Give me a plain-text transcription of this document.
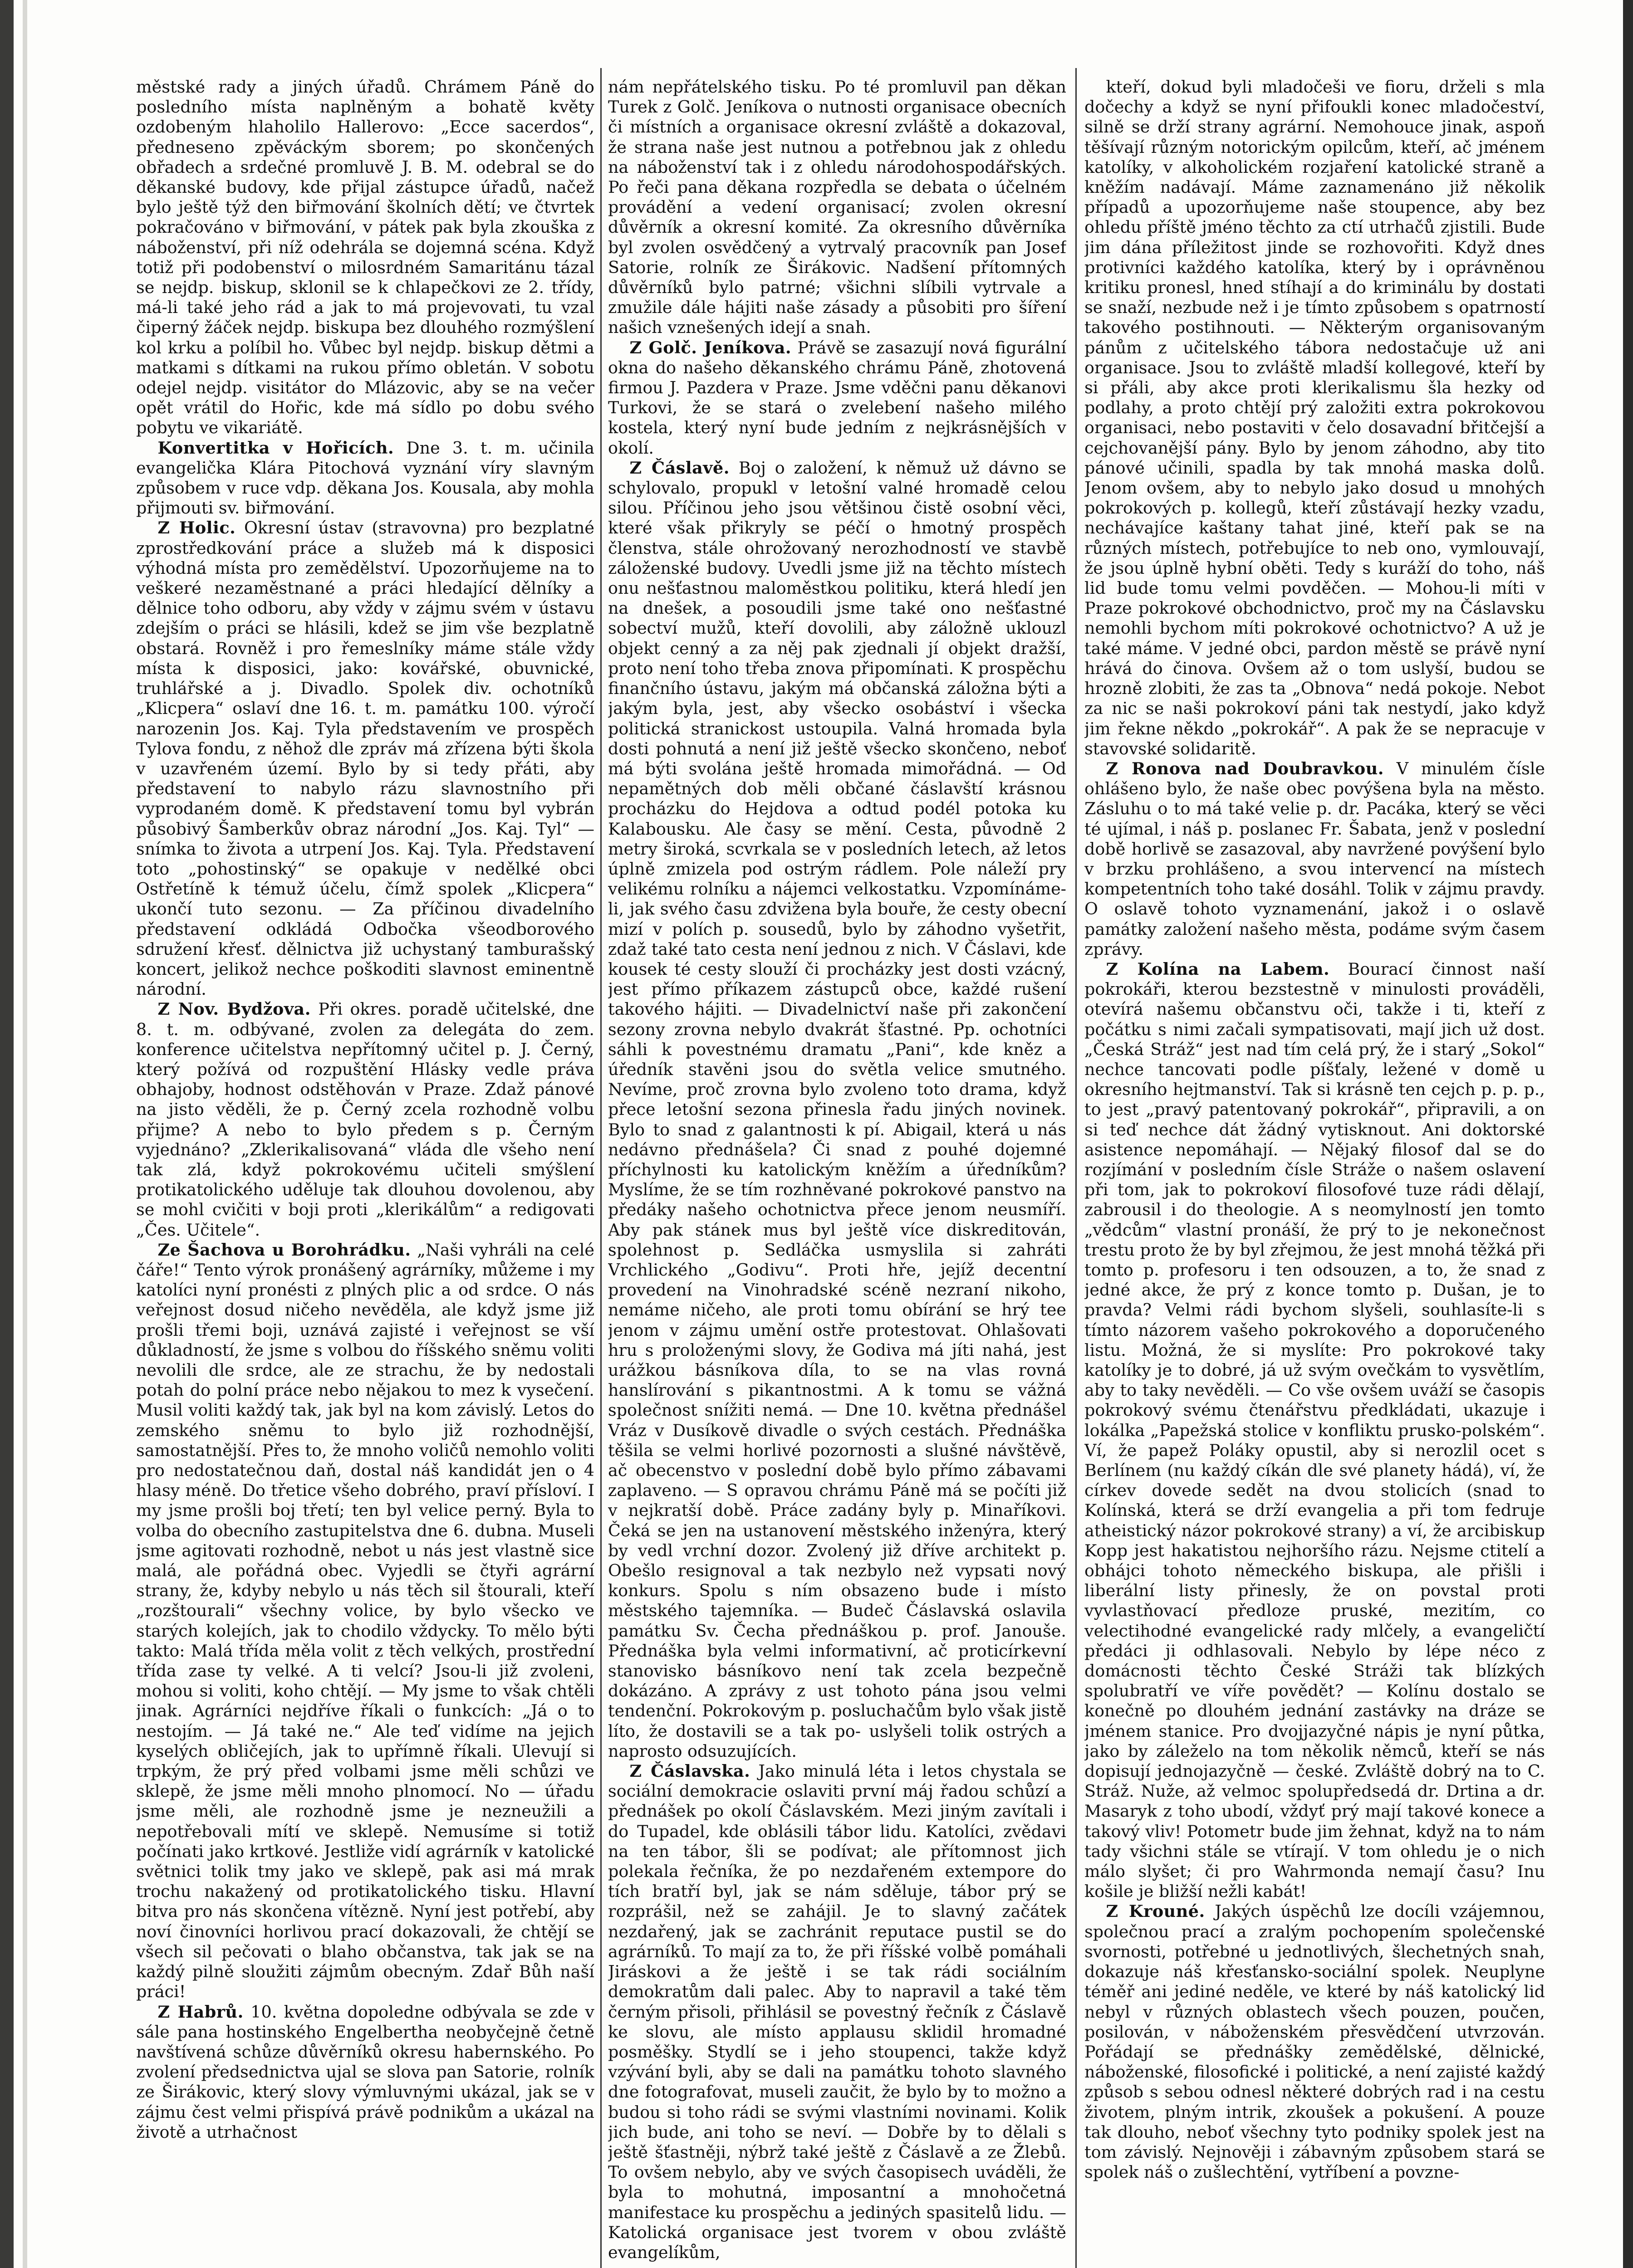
městské rady a jiných úřadů. Chrámem Páně do posledního místa naplněným a bohatě květy ozdobeným hlaholilo Hallerovo: „Ecce sacerdos“, předneseno zpěváckým sborem; po skončených obřadech a srdečné promluvě J. B. M. odebral se do děkanské budovy, kde přijal zástupce úřadů, načež bylo ještě týž den biřmování školních dětí; ve čtvrtek pokračováno v biřmování, v pátek pak byla zkouška z náboženství, při níž odehrála se dojemná scéna. Když totiž při podobenství o milosrdném Samaritánu tázal se nejdp. biskup, sklonil se k chlapečkovi ze 2. třídy, má-li také jeho rád a jak to má projevovati, tu vzal čiperný žáček nejdp. biskupa bez dlouhého rozmýšlení kol krku a políbil ho. Vůbec byl nejdp. biskup dětmi a matkami s dítkami na rukou přímo obletán. V sobotu odejel nejdp. visitátor do Mlázovic, aby se na večer opět vrátil do Hořic, kde má sídlo po dobu svého pobytu ve vikariátě.

Konvertitka v Hořicích. Dne 3. t. m. učinila evangelička Klára Pitochová vyznání víry slavným způsobem v ruce vdp. děkana Jos. Kousala, aby mohla přijmouti sv. biřmování.

Z Holic. Okresní ústav (stravovna) pro bezplatné zprostředkování práce a služeb má k disposici výhodná místa pro zemědělství. Upozorňujeme na to veškeré nezaměstnané a práci hledající dělníky a dělnice toho odboru, aby vždy v zájmu svém v ústavu zdejším o práci se hlásili, kdež se jim vše bezplatně obstará. Rovněž i pro řemeslníky máme stále vždy místa k disposici, jako: kovářské, obuvnické, truhlářské a j. Divadlo. Spolek div. ochotníků „Klicpera“ oslaví dne 16. t. m. památku 100. výročí narozenin Jos. Kaj. Tyla představením ve prospěch Tylova fondu, z něhož dle zpráv má zřízena býti škola v uzavřeném území. Bylo by si tedy přáti, aby představení to nabylo rázu slavnostního při vyprodaném domě. K představení tomu byl vybrán působivý Šamberkův obraz národní „Jos. Kaj. Tyl“ — snímka to života a utrpení Jos. Kaj. Tyla. Představení toto „pohostinský“ se opakuje v nedělké obci Ostřetíně k témuž účelu, čímž spolek „Klicpera“ ukončí tuto sezonu. — Za příčinou divadelního představení odkládá Odbočka všeodborového sdružení křesť. dělnictva již uchystaný tamburašský koncert, jelikož nechce poškoditi slavnost eminentně národní.

Z Nov. Bydžova. Při okres. poradě učitelské, dne 8. t. m. odbývané, zvolen za delegáta do zem. konference učitelstva nepřítomný učitel p. J. Černý, který požívá od rozpuštění Hlásky vedle práva obhajoby, hodnost odstěhován v Praze. Zdaž pánové na jisto věděli, že p. Černý zcela rozhodně volbu přijme? A nebo to bylo předem s p. Černým vyjednáno? „Zklerikalisovaná“ vláda dle všeho není tak zlá, když pokrokovému učiteli smýšlení protikatolického uděluje tak dlouhou dovolenou, aby se mohl cvičiti v boji proti „klerikálům“ a redigovati „Čes. Učitele“.

Ze Šachova u Borohrádku. „Naši vyhráli na celé čáře!“ Tento výrok pronášený agrárníky, můžeme i my katolíci nyní pronésti z plných plic a od srdce. O nás veřejnost dosud ničeho nevěděla, ale když jsme již prošli třemi boji, uznává zajisté i veřejnost se vší důkladností, že jsme s volbou do říšského sněmu voliti nevolili dle srdce, ale ze strachu, že by nedostali potah do polní práce nebo nějakou to mez k vysečení. Musil voliti každý tak, jak byl na kom závislý. Letos do zemského sněmu to bylo již rozhodnější, samostatnější. Přes to, že mnoho voličů nemohlo voliti pro nedostatečnou daň, dostal náš kandidát jen o 4 hlasy méně. Do třetice všeho dobrého, praví přísloví. I my jsme prošli boj třetí; ten byl velice perný. Byla to volba do obecního zastupitelstva dne 6. dubna. Museli jsme agitovati rozhodně, nebot u nás jest vlastně sice malá, ale pořádná obec. Vyjedli se čtyři agrární strany, že, kdyby nebylo u nás těch sil štourali, kteří „rozštourali“ všechny volice, by bylo všecko ve starých kolejích, jak to chodilo vždycky. To mělo býti takto: Malá třída měla volit z těch velkých, prostřední třída zase ty velké. A ti velcí? Jsou-li již zvoleni, mohou si voliti, koho chtějí. — My jsme to však chtěli jinak. Agrárníci nejdříve říkali o funkcích: „Já o to nestojím. — Já také ne.“ Ale teď vidíme na jejich kyselých obličejích, jak to upřímně říkali. Ulevují si trpkým, že prý před volbami jsme měli schůzi ve sklepě, že jsme měli mnoho plnomocí. No — úřadu jsme měli, ale rozhodně jsme je nezneužili a nepotřebovali mítí ve sklepě. Nemusíme si totiž počínati jako krtkové. Jestliže vidí agrárník v katolické světnici tolik tmy jako ve sklepě, pak asi má mrak trochu nakažený od protikatolického tisku. Hlavní bitva pro nás skončena vítězně. Nyní jest potřebí, aby noví činovníci horlivou prací dokazovali, že chtějí se všech sil pečovati o blaho občanstva, tak jak se na každý pilně sloužiti zájmům obecným. Zdař Bůh naší práci!

Z Habrů. 10. května dopoledne odbývala se zde v sále pana hostinského Engelbertha neobyčejně četně navštívená schůze důvěrníků okresu habernského. Po zvolení předsednictva ujal se slova pan Satorie, rolník ze Širákovic, který slovy výmluvnými ukázal, jak se v zájmu čest velmi přispívá právě podnikům a ukázal na životě a utrhačnost

nám nepřátelského tisku. Po té promluvil pan děkan Turek z Golč. Jeníkova o nutnosti organisace obecních či místních a organisace okresní zvláště a dokazoval, že strana naše jest nutnou a potřebnou jak z ohledu na náboženství tak i z ohledu národohospodářských. Po řeči pana děkana rozpředla se debata o účelném provádění a vedení organisací; zvolen okresní důvěrník a okresní komité. Za okresního důvěrníka byl zvolen osvědčený a vytrvalý pracovník pan Josef Satorie, rolník ze Širákovic. Nadšení přítomných důvěrníků bylo patrné; všichni slíbili vytrvale a zmužile dále hájiti naše zásady a působiti pro šíření našich vznešených idejí a snah.

Z Golč. Jeníkova. Právě se zasazují nová figurální okna do našeho děkanského chrámu Páně, zhotovená firmou J. Pazdera v Praze. Jsme vděčni panu děkanovi Turkovi, že se stará o zvelebení našeho milého kostela, který nyní bude jedním z nejkrásnějších v okolí.

Z Čáslavě. Boj o založení, k němuž už dávno se schylovalo, propukl v letošní valné hromadě celou silou. Příčinou jeho jsou většinou čistě osobní věci, které však přikryly se péčí o hmotný prospěch členstva, stále ohrožovaný nerozhodností ve stavbě záloženské budovy. Uvedli jsme již na těchto místech onu nešťastnou maloměstkou politiku, která hledí jen na dnešek, a posoudili jsme také ono nešťastné sobectví mužů, kteří dovolili, aby záložně uklouzl objekt cenný a za něj pak zjednali jí objekt dražší, proto není toho třeba znova připomínati. K prospěchu finančního ústavu, jakým má občanská záložna býti a jakým byla, jest, aby všecko osobáství i všecka politická stranickost ustoupila. Valná hromada byla dosti pohnutá a není již ještě všecko skončeno, neboť má býti svolána ještě hromada mimořádná. — Od nepamětných dob měli občané čáslavští krásnou procházku do Hejdova a odtud podél potoka ku Kalabousku. Ale časy se mění. Cesta, původně 2 metry široká, scvrkala se v posledních letech, až letos úplně zmizela pod ostrým rádlem. Pole náleží pry velikému rolníku a nájemci velkostatku. Vzpomínáme-li, jak svého času zdvižena byla bouře, že cesty obecní mizí v polích p. sousedů, bylo by záhodno vyšetřit, zdaž také tato cesta není jednou z nich. V Čáslavi, kde kousek té cesty slouží či procházky jest dosti vzácný, jest přímo příkazem zástupců obce, každé rušení takového hájiti. — Divadelnictví naše při zakončení sezony zrovna nebylo dvakrát šťastné. Pp. ochotníci sáhli k povestnému dramatu „Pani“, kde kněz a úředník stavěni jsou do světla velice smutného. Nevíme, proč zrovna bylo zvoleno toto drama, když přece letošní sezona přinesla řadu jiných novinek. Bylo to snad z galantnosti k pí. Abigail, která u nás nedávno přednášela? Či snad z pouhé dojemné příchylnosti ku katolickým kněžím a úředníkům? Myslíme, že se tím rozhněvané pokrokové panstvo na předáky našeho ochotnictva přece jenom neusmíří. Aby pak stánek mus byl ještě více diskreditován, spolehnost p. Sedláčka usmyslila si zahráti Vrchlického „Godivu“. Proti hře, jejíž decentní provedení na Vinohradské scéně nezraní nikoho, nemáme ničeho, ale proti tomu obírání se hrý tee jenom v zájmu umění ostře protestovat. Ohlašovati hru s proloženými slovy, že Godiva má jíti nahá, jest urážkou básníkova díla, to se na vlas rovná hanslírování s pikantnostmi. A k tomu se vážná společnost snížiti nemá. — Dne 10. května přednášel Vráz v Dusíkově divadle o svých cestách. Přednáška těšila se velmi horlivé pozornosti a slušné návštěvě, ač obecenstvo v poslední době bylo přímo zábavami zaplaveno. — S opravou chrámu Páně má se počíti již v nejkratší době. Práce zadány byly p. Minaříkovi. Čeká se jen na ustanovení městského inženýra, který by vedl vrchní dozor. Zvolený již dříve architekt p. Obešlo resignoval a tak nezbylo než vypsati nový konkurs. Spolu s ním obsazeno bude i místo městského tajemníka. — Budeč Čáslavská oslavila památku Sv. Čecha přednáškou p. prof. Janouše. Přednáška byla velmi informativní, ač proticírkevní stanovisko básníkovo není tak zcela bezpečně dokázáno. A zprávy z ust tohoto pána jsou velmi tendenční. Pokrokovým p. posluchačům bylo však jistě líto, že dostavili se a tak po- uslyšeli tolik ostrých a naprosto odsuzujících.

Z Čáslavska. Jako minulá léta i letos chystala se sociální demokracie oslaviti první máj řadou schůzí a přednášek po okolí Čáslavském. Mezi jiným zavítali i do Tupadel, kde oblásili tábor lidu. Katolíci, zvědavi na ten tábor, šli se podívat; ale přítomnost jich polekala řečníka, že po nezdařeném extempore do tích bratří byl, jak se nám sděluje, tábor prý se rozprášil, než se zahájil. Je to slavný začátek nezdařený, jak se zachránit reputace pustil se do agrárníků. To mají za to, že při říšské volbě pomáhali Jiráskovi a že ještě i se tak rádi sociálním demokratům dali palec. Aby to napravil a také těm černým přisoli, přihlásil se povestný řečník z Čáslavě ke slovu, ale místo applausu sklidil hromadné posměšky. Stydlí se i jeho stoupenci, takže když vzývání byli, aby se dali na památku tohoto slavného dne fotografovat, museli zaučit, že bylo by to možno a budou si toho rádi se svými vlastními novinami. Kolik jich bude, ani toho se neví. — Dobře by to dělali s ještě šťastněji, nýbrž také ještě z Čáslavě a ze Žlebů. To ovšem nebylo, aby ve svých časopisech uváděli, že byla to mohutná, imposantní a mnohočetná manifestace ku prospěchu a jediných spasitelů lidu. — Katolická organisace jest tvorem v obou zvláště evangelíkům,

kteří, dokud byli mladočeši ve fioru, drželi s mla dočechy a když se nyní přifoukli konec mladočeství, silně se drží strany agrární. Nemohouce jinak, aspoň těšívají různým notorickým opilcům, kteří, ač jménem katolíky, v alkoholickém rozjaření katolické straně a kněžím nadávají. Máme zaznamenáno již několik případů a upozorňujeme naše stoupence, aby bez ohledu příště jméno těchto za ctí utrhačů zjistili. Bude jim dána příležitost jinde se rozhovořiti. Když dnes protivníci každého katolíka, který by i oprávněnou kritiku pronesl, hned stíhají a do kriminálu by dostati se snaží, nezbude než i je tímto způsobem s opatrností takového postihnouti. — Některým organisovaným pánům z učitelského tábora nedostačuje už ani organisace. Jsou to zvláště mladší kollegové, kteří by si přáli, aby akce proti klerikalismu šla hezky od podlahy, a proto chtějí prý založiti extra pokrokovou organisaci, nebo postaviti v čelo dosavadní břitčejší a cejchovanější pány. Bylo by jenom záhodno, aby tito pánové učinili, spadla by tak mnohá maska dolů. Jenom ovšem, aby to nebylo jako dosud u mnohých pokrokových p. kollegů, kteří zůstávají hezky vzadu, nechávajíce kaštany tahat jiné, kteří pak se na různých místech, potřebujíce to neb ono, vymlouvají, že jsou úplně hybní oběti. Tedy s kuráží do toho, náš lid bude tomu velmi povděčen. — Mohou-li míti v Praze pokrokové obchodnictvo, proč my na Čáslavsku nemohli bychom míti pokrokové ochotnictvo? A už je také máme. V jedné obci, pardon městě se právě nyní hrává do činova. Ovšem až o tom uslyší, budou se hrozně zlobiti, že zas ta „Obnova“ nedá pokoje. Nebot za nic se naši pokrokoví páni tak nestydí, jako když jim řekne někdo „pokrokář“. A pak že se nepracuje v stavovské solidaritě.

Z Ronova nad Doubravkou. V minulém čísle ohlášeno bylo, že naše obec povýšena byla na město. Zásluhu o to má také velie p. dr. Pacáka, který se věci té ujímal, i náš p. poslanec Fr. Šabata, jenž v poslední době horlivě se zasazoval, aby navržené povýšení bylo v brzku prohlášeno, a svou intervencí na místech kompetentních toho také dosáhl. Tolik v zájmu pravdy. O oslavě tohoto vyznamenání, jakož i o oslavě památky založení našeho města, podáme svým časem zprávy.

Z Kolína na Labem. Bourací činnost naší pokrokáři, kterou bezstestně v minulosti prováděli, otevírá našemu občanstvu oči, takže i ti, kteří z počátku s nimi začali sympatisovati, mají jich už dost. „Česká Stráž“ jest nad tím celá prý, že i starý „Sokol“ nechce tancovati podle píšťaly, ležené v domě u okresního hejtmanství. Tak si krásně ten cejch p. p. p., to jest „pravý patentovaný pokrokář“, připravili, a on si teď nechce dát žádný vytisknout. Ani doktorské asistence nepomáhají. — Nějaký filosof dal se do rozjímání v posledním čísle Stráže o našem oslavení při tom, jak to pokrokoví filosofové tuze rádi dělají, zabrousil i do theologie. A s neomylností jen tomto „vědcům“ vlastní pronáší, že prý to je nekonečnost trestu proto že by byl zřejmou, že jest mnohá těžká při tomto p. profesoru i ten odsouzen, a to, že snad z jedné akce, že prý z konce tomto p. Dušan, je to pravda? Velmi rádi bychom slyšeli, souhlasíte-li s tímto názorem vašeho pokrokového a doporučeného listu. Možná, že si myslíte: Pro pokrokové taky katolíky je to dobré, já už svým ovečkám to vysvětlím, aby to taky nevěděli. — Co vše ovšem uváží se časopis pokrokový svému čtenářstvu předkládati, ukazuje i lokálka „Papežská stolice v konfliktu prusko-polském“. Ví, že papež Poláky opustil, aby si nerozlil ocet s Berlínem (nu každý cíkán dle své planety hádá), ví, že církev dovede sedět na dvou stolicích (snad to Kolínská, která se drží evangelia a při tom fedruje atheistický názor pokrokové strany) a ví, že arcibiskup Kopp jest hakatistou nejhoršího rázu. Nejsme ctitelí a obhájci tohoto německého biskupa, ale přišli i liberální listy přinesly, že on povstal proti vyvlastňovací předloze pruské, mezitím, co velectihodné evangelické rady mlčely, a evangeličtí předáci ji odhlasovali. Nebylo by lépe nécо z domácnosti těchto České Stráži tak blízkých spolubratří ve víře povědět? — Kolínu dostalo se konečně po dlouhém jednání zastávky na dráze se jménem stanice. Pro dvojjazyčné nápis je nyní půtka, jako by záleželo na tom několik němců, kteří se nás dopisují jednojazyčně — české. Zvláště dobrý na to C. Stráž. Nuže, až velmoc spolupředsedá dr. Drtina a dr. Masaryk z toho ubodí, vždyť prý mají takové konece a takový vliv! Potometr bude jim žehnat, když na to nám tady všichni stále se vtírají. V tom ohledu je o nich málo slyšet; či pro Wahrmonda nemají času? Inu košile je bližší nežli kabát!

Z Krouné. Jakých úspěchů lze docíli vzájemnou, společnou prací a zralým pochopením společenské svornosti, potřebné u jednotlivých, šlechetných snah, dokazuje náš křesťansko-sociální spolek. Neuplyne téměř ani jediné neděle, ve které by náš katolický lid nebyl v různých oblastech všech pouzen, poučen, posilován, v náboženském přesvědčení utvrzován. Pořádají se přednášky zemědělské, dělnické, náboženské, filosofické i politické, a není zajisté každý způsob s sebou odnesl některé dobrých rad i na cestu životem, plným intrik, zkoušek a pokušení. A pouze tak dlouho, neboť všechny tyto podniky spolek jest na tom závislý. Nejnověji i zábavným způsobem stará se spolek náš o zušlechtění, vytříbení a povzne-
